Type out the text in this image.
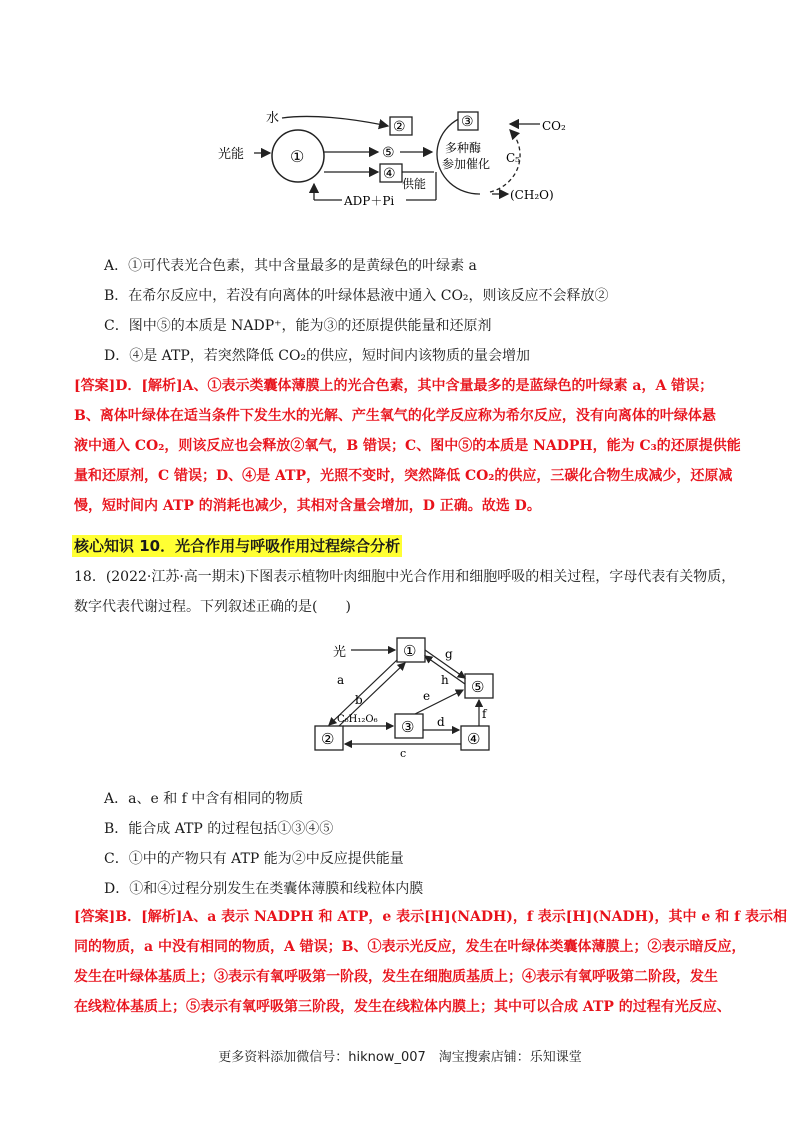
①
光能
水
②
⑤
④
供能
ADP＋Pi
③	CO₂
多种酶
参加催化 C₅
(CH₂O)
A．①可代表光合色素，其中含量最多的是黄绿色的叶绿素 a
B．在希尔反应中，若没有向离体的叶绿体悬液中通入 CO₂，则该反应不会释放②
C．图中⑤的本质是 NADP⁺，能为③的还原提供能量和还原剂
D．④是 ATP，若突然降低 CO₂的供应，短时间内该物质的量会增加
[答案]D．[解析]A、①表示类囊体薄膜上的光合色素，其中含量最多的是蓝绿色的叶绿素 a，A 错误；
B、离体叶绿体在适当条件下发生水的光解、产生氧气的化学反应称为希尔反应，没有向离体的叶绿体悬
液中通入 CO₂，则该反应也会释放②氧气，B 错误；C、图中⑤的本质是 NADPH，能为 C₃的还原提供能
量和还原剂，C 错误；D、④是 ATP，光照不变时，突然降低 CO₂的供应，三碳化合物生成减少，还原减
慢，短时间内 ATP 的消耗也减少，其相对含量会增加，D 正确。故选 D。
核心知识 10．光合作用与呼吸作用过程综合分析
18．(2022·江苏·高一期末)下图表示植物叶肉细胞中光合作用和细胞呼吸的相关过程，字母代表有关物质，
数字代表代谢过程。下列叙述正确的是(　　)
①
⑤
③
④
②
光
a
b
C₆H₁₂O₆	d
c
e
f
g
h
A．a、e 和 f 中含有相同的物质
B．能合成 ATP 的过程包括①③④⑤
C．①中的产物只有 ATP 能为②中反应提供能量
D．①和④过程分别发生在类囊体薄膜和线粒体内膜
[答案]B．[解析]A、a 表示 NADPH 和 ATP，e 表示[H](NADH)，f 表示[H](NADH)，其中 e 和 f 表示相
同的物质，a 中没有相同的物质，A 错误；B、①表示光反应，发生在叶绿体类囊体薄膜上；②表示暗反应，
发生在叶绿体基质上；③表示有氧呼吸第一阶段，发生在细胞质基质上；④表示有氧呼吸第二阶段，发生
在线粒体基质上；⑤表示有氧呼吸第三阶段，发生在线粒体内膜上；其中可以合成 ATP 的过程有光反应、
更多资料添加微信号：hiknow_007　淘宝搜索店铺：乐知课堂
